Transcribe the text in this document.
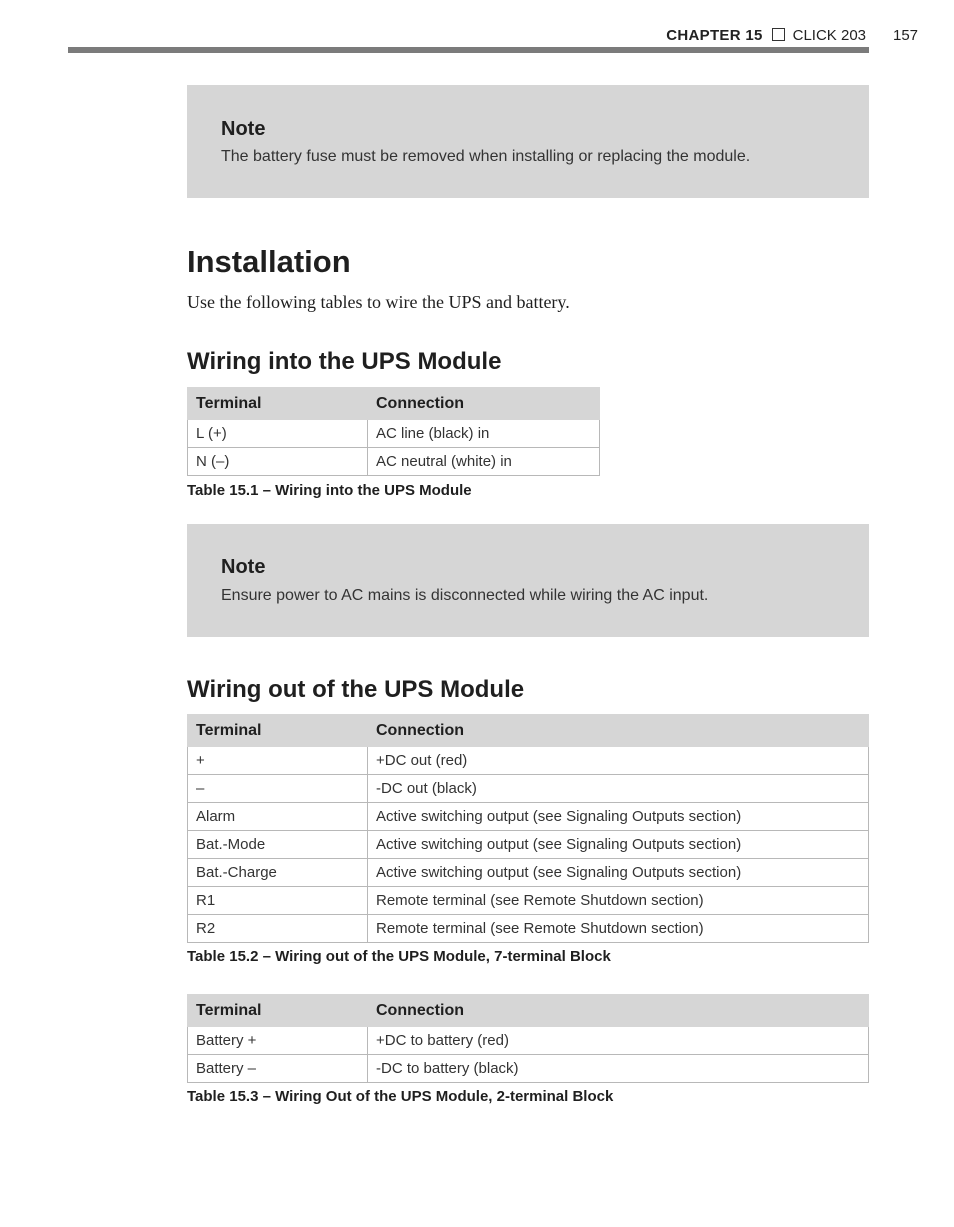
CHAPTER 15 CLICK 203 157
Note
The battery fuse must be removed when installing or replacing the module.
Installation
Use the following tables to wire the UPS and battery.
Wiring into the UPS Module
Terminal	Connection
L (+)	AC line (black) in
N (–)	AC neutral (white) in
Table 15.1 – Wiring into the UPS Module
Note
Ensure power to AC mains is disconnected while wiring the AC input.
Wiring out of the UPS Module
Terminal	Connection
+	+DC out (red)
–	-DC out (black)
Alarm	Active switching output (see Signaling Outputs section)
Bat.-Mode	Active switching output (see Signaling Outputs section)
Bat.-Charge	Active switching output (see Signaling Outputs section)
R1	Remote terminal (see Remote Shutdown section)
R2	Remote terminal (see Remote Shutdown section)
Table 15.2 – Wiring out of the UPS Module, 7-terminal Block
Terminal	Connection
Battery +	+DC to battery (red)
Battery –	-DC to battery (black)
Table 15.3 – Wiring Out of the UPS Module, 2-terminal Block
